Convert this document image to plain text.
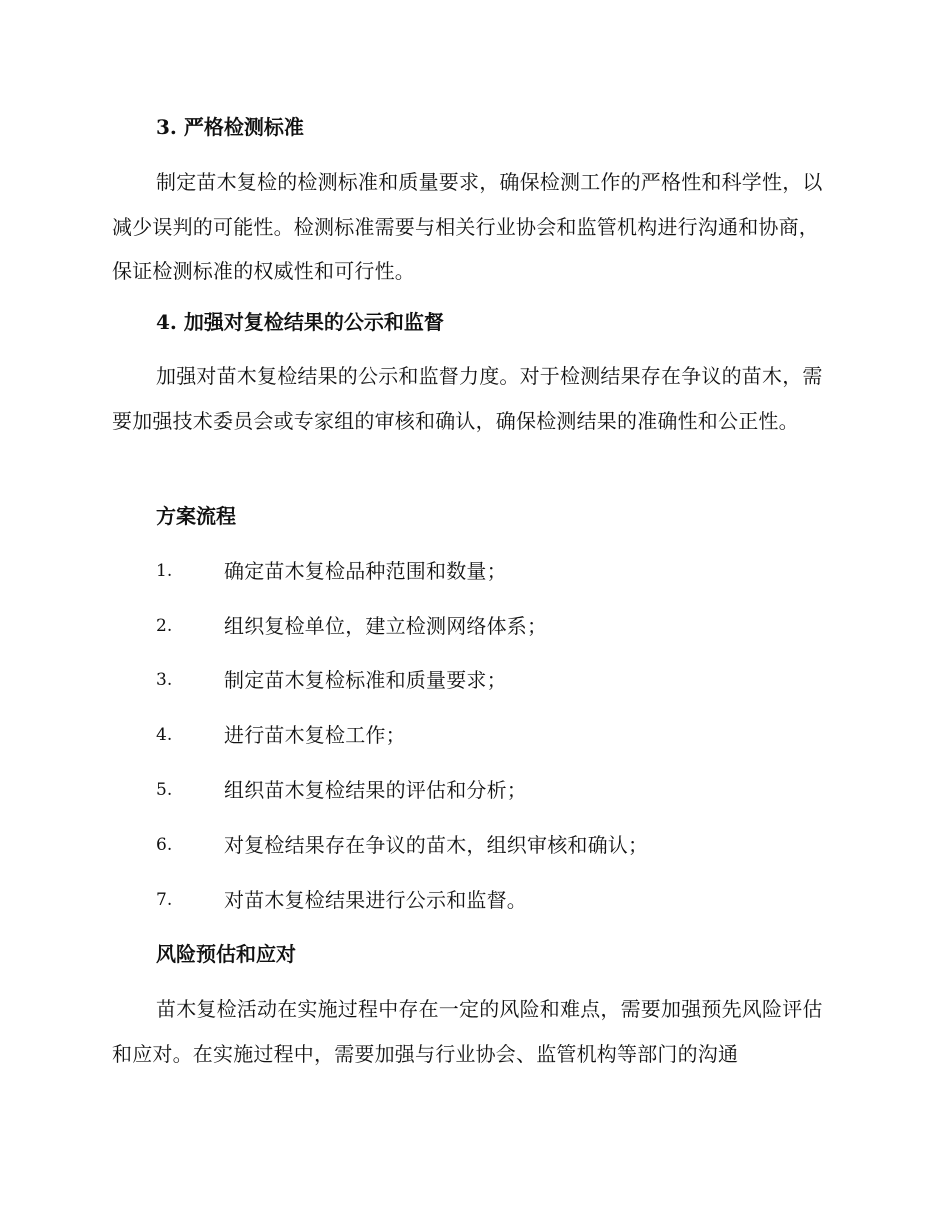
3. 严格检测标准
制定苗木复检的检测标准和质量要求，确保检测工作的严格性和科学性，以减少误判的可能性。检测标准需要与相关行业协会和监管机构进行沟通和协商，保证检测标准的权威性和可行性。
4. 加强对复检结果的公示和监督
加强对苗木复检结果的公示和监督力度。对于检测结果存在争议的苗木，需要加强技术委员会或专家组的审核和确认，确保检测结果的准确性和公正性。
方案流程
1.	确定苗木复检品种范围和数量；
2.	组织复检单位，建立检测网络体系；
3.	制定苗木复检标准和质量要求；
4.	进行苗木复检工作；
5.	组织苗木复检结果的评估和分析；
6.	对复检结果存在争议的苗木，组织审核和确认；
7.	对苗木复检结果进行公示和监督。
风险预估和应对
苗木复检活动在实施过程中存在一定的风险和难点，需要加强预先风险评估和应对。在实施过程中，需要加强与行业协会、监管机构等部门的沟通
